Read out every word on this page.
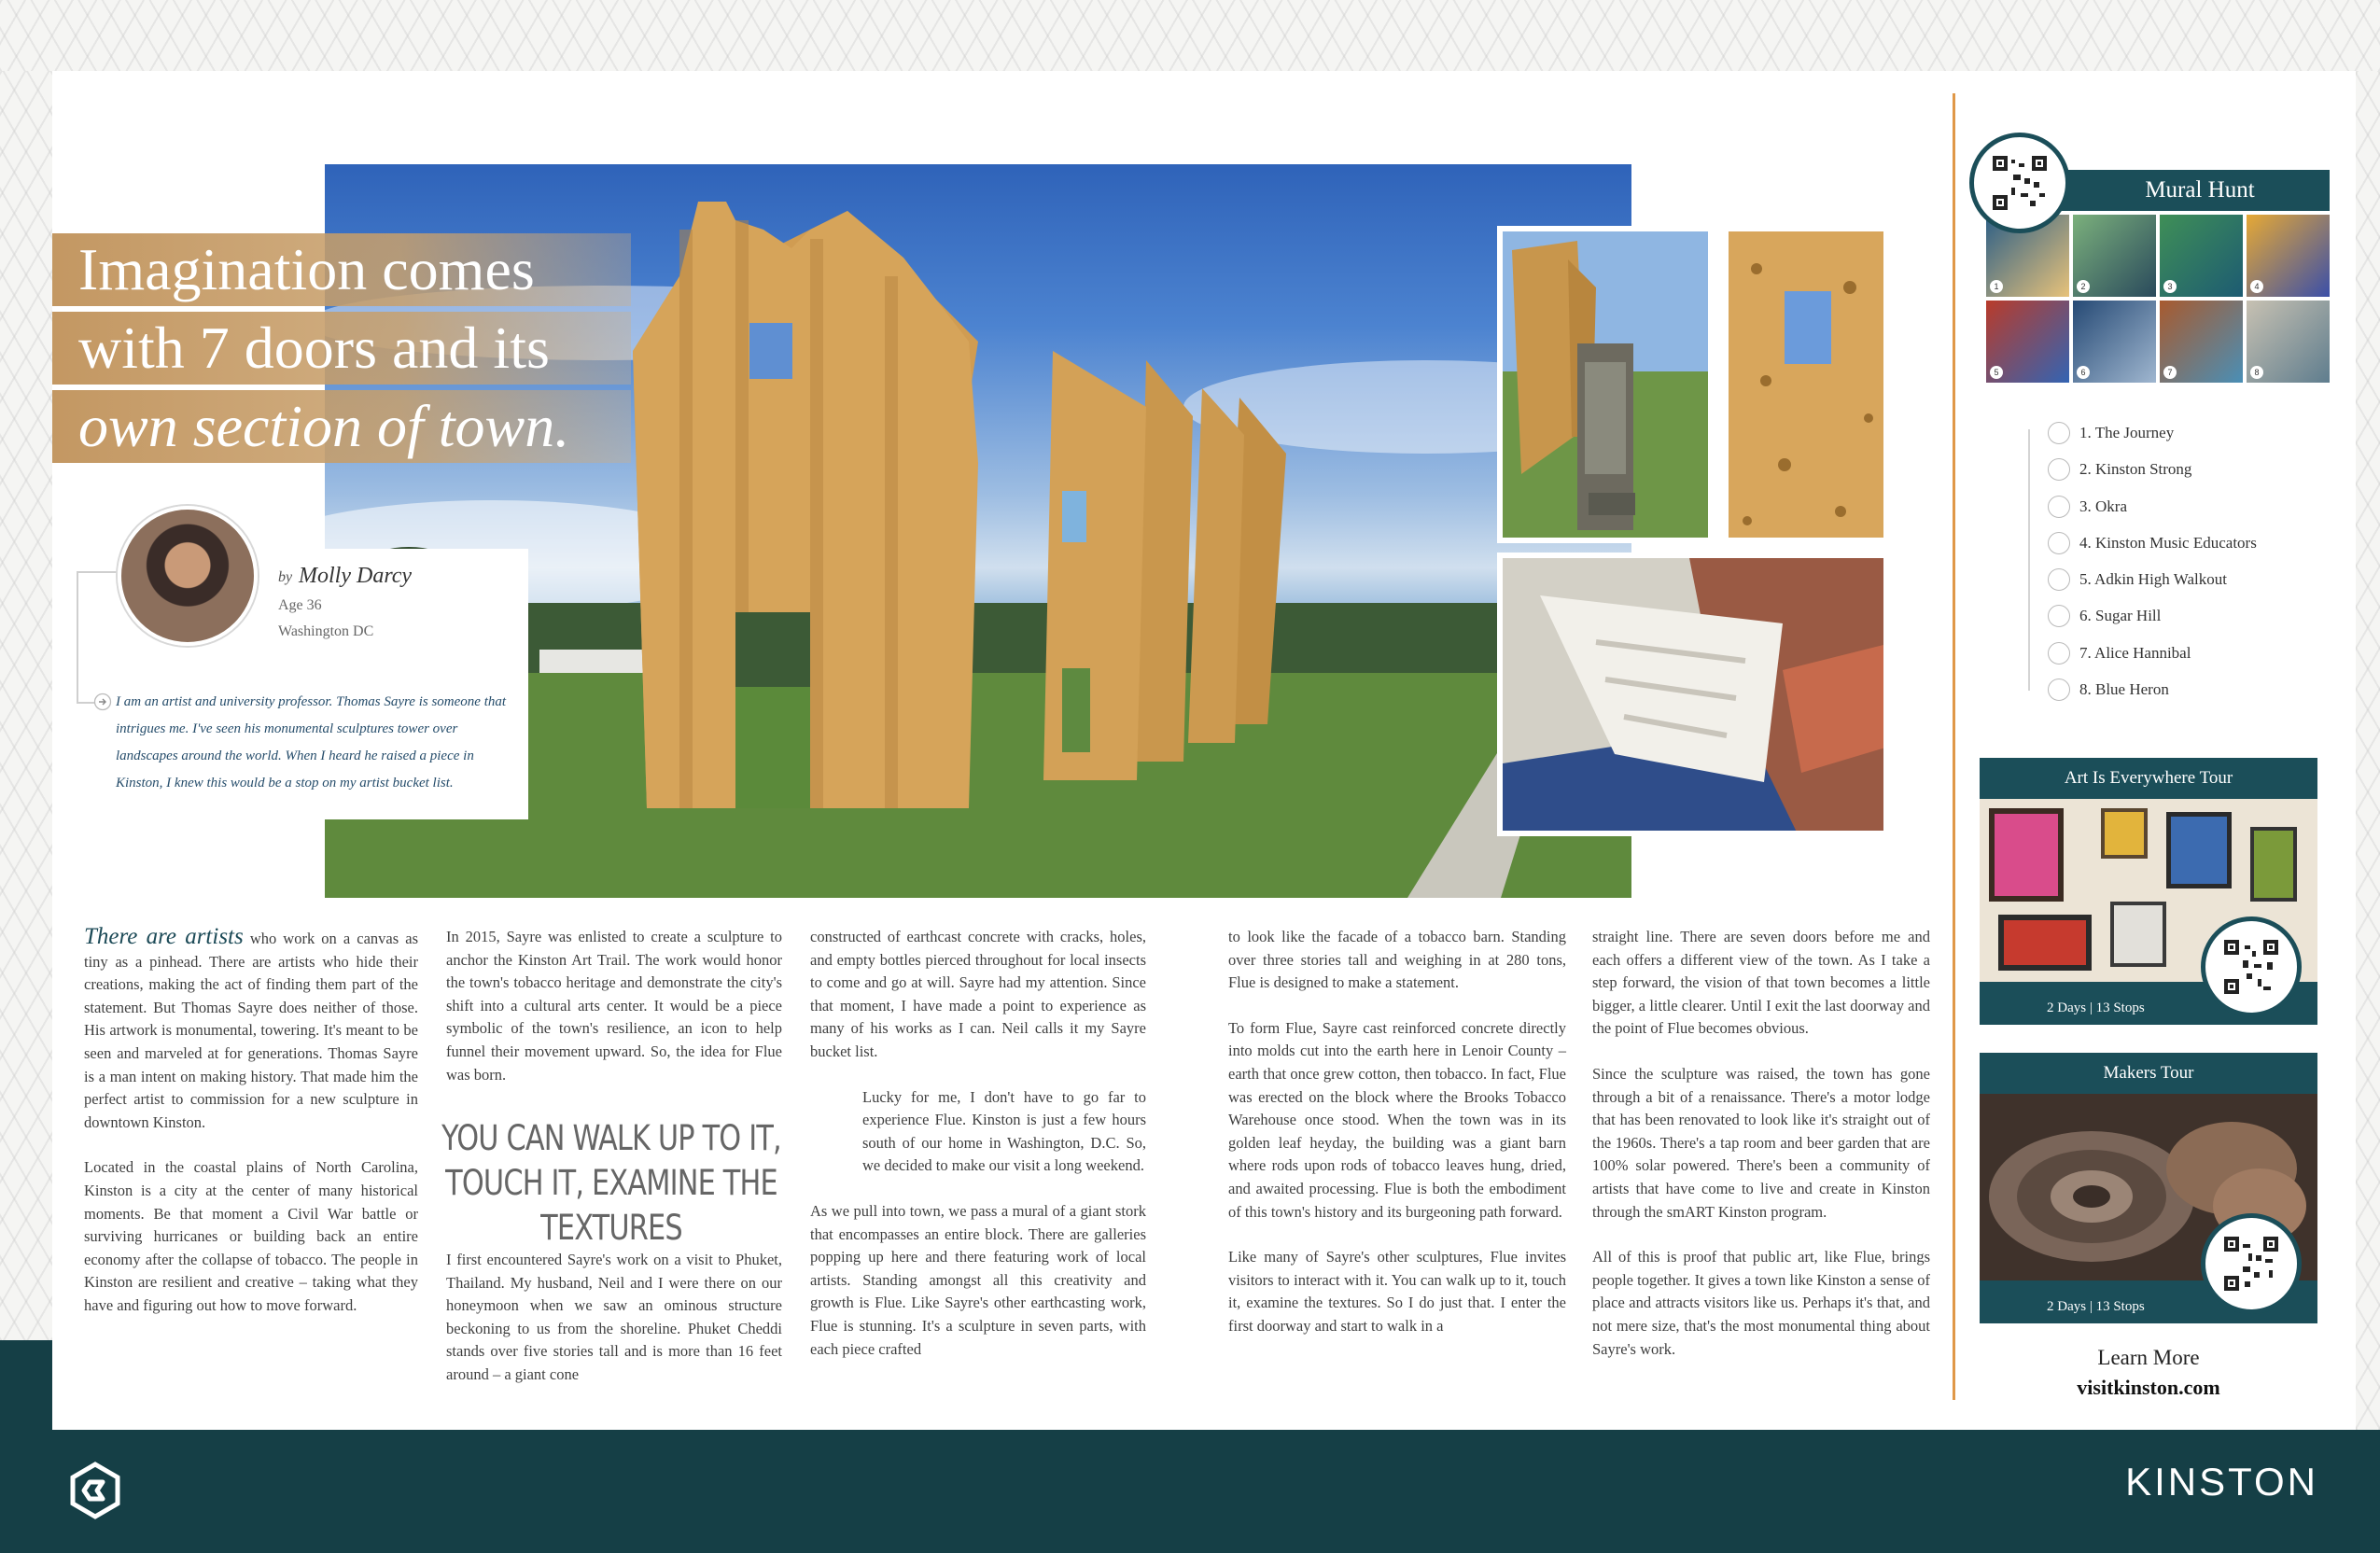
Imagination comes
with 7 doors and its
own section of town.
by Molly Darcy
Age 36
Washington DC

I am an artist and university professor. Thomas Sayre is someone that intrigues me. I've seen his monumental sculptures tower over landscapes around the world. When I heard he raised a piece in Kinston, I knew this would be a stop on my artist bucket list.

There are artists who work on a canvas as tiny as a pinhead. There are artists who hide their creations, making the act of finding them part of the statement. But Thomas Sayre does neither of those. His artwork is monumental, towering. It's meant to be seen and marveled at for generations. Thomas Sayre is a man intent on making history. That made him the perfect artist to commission for a new sculpture in downtown Kinston.

Located in the coastal plains of North Carolina, Kinston is a city at the center of many historical moments. Be that moment a Civil War battle or surviving hurricanes or building back an entire economy after the collapse of tobacco. The people in Kinston are resilient and creative – taking what they have and figuring out how to move forward.

In 2015, Sayre was enlisted to create a sculpture to anchor the Kinston Art Trail. The work would honor the town's tobacco heritage and demonstrate the city's shift into a cultural arts center. It would be a piece symbolic of the town's resilience, an icon to help funnel their movement upward. So, the idea for Flue was born.

YOU CAN WALK UP TO IT, TOUCH IT, EXAMINE THE TEXTURES

I first encountered Sayre's work on a visit to Phuket, Thailand. My husband, Neil and I were there on our honeymoon when we saw an ominous structure beckoning to us from the shoreline. Phuket Cheddi stands over five stories tall and is more than 16 feet around – a giant cone

constructed of earthcast concrete with cracks, holes, and empty bottles pierced throughout for local insects to come and go at will. Sayre had my attention. Since that moment, I have made a point to experience as many of his works as I can. Neil calls it my Sayre bucket list.

Lucky for me, I don't have to go far to experience Flue. Kinston is just a few hours south of our home in Washington, D.C. So, we decided to make our visit a long weekend.

As we pull into town, we pass a mural of a giant stork that encompasses an entire block. There are galleries popping up here and there featuring work of local artists. Standing amongst all this creativity and growth is Flue. Like Sayre's other earthcasting work, Flue is stunning. It's a sculpture in seven parts, with each piece crafted

to look like the facade of a tobacco barn. Standing over three stories tall and weighing in at 280 tons, Flue is designed to make a statement.

To form Flue, Sayre cast reinforced concrete directly into molds cut into the earth here in Lenoir County – earth that once grew cotton, then tobacco. In fact, Flue was erected on the block where the Brooks Tobacco Warehouse once stood. When the town was in its golden leaf heyday, the building was a giant barn where rods upon rods of tobacco leaves hung, dried, and awaited processing. Flue is both the embodiment of this town's history and its burgeoning path forward.

Like many of Sayre's other sculptures, Flue invites visitors to interact with it. You can walk up to it, touch it, examine the textures. So I do just that. I enter the first doorway and start to walk in a

straight line. There are seven doors before me and each offers a different view of the town. As I take a step forward, the vision of that town becomes a little bigger, a little clearer. Until I exit the last doorway and the point of Flue becomes obvious.

Since the sculpture was raised, the town has gone through a bit of a renaissance. There's a motor lodge that has been renovated to look like it's straight out of the 1960s. There's a tap room and beer garden that are 100% solar powered. There's been a community of artists that have come to live and create in Kinston through the smART Kinston program.

All of this is proof that public art, like Flue, brings people together. It gives a town like Kinston a sense of place and attracts visitors like us. Perhaps it's that, and not mere size, that's the most monumental thing about Sayre's work.

Mural Hunt
1	2	3	4
5	6	7	8
1. The Journey
2. Kinston Strong
3. Okra
4. Kinston Music Educators
5. Adkin High Walkout
6. Sugar Hill
7. Alice Hannibal
8. Blue Heron
Art Is Everywhere Tour
2 Days | 13 Stops
Makers Tour
2 Days | 13 Stops
Learn More
visitkinston.com
KINSTON
